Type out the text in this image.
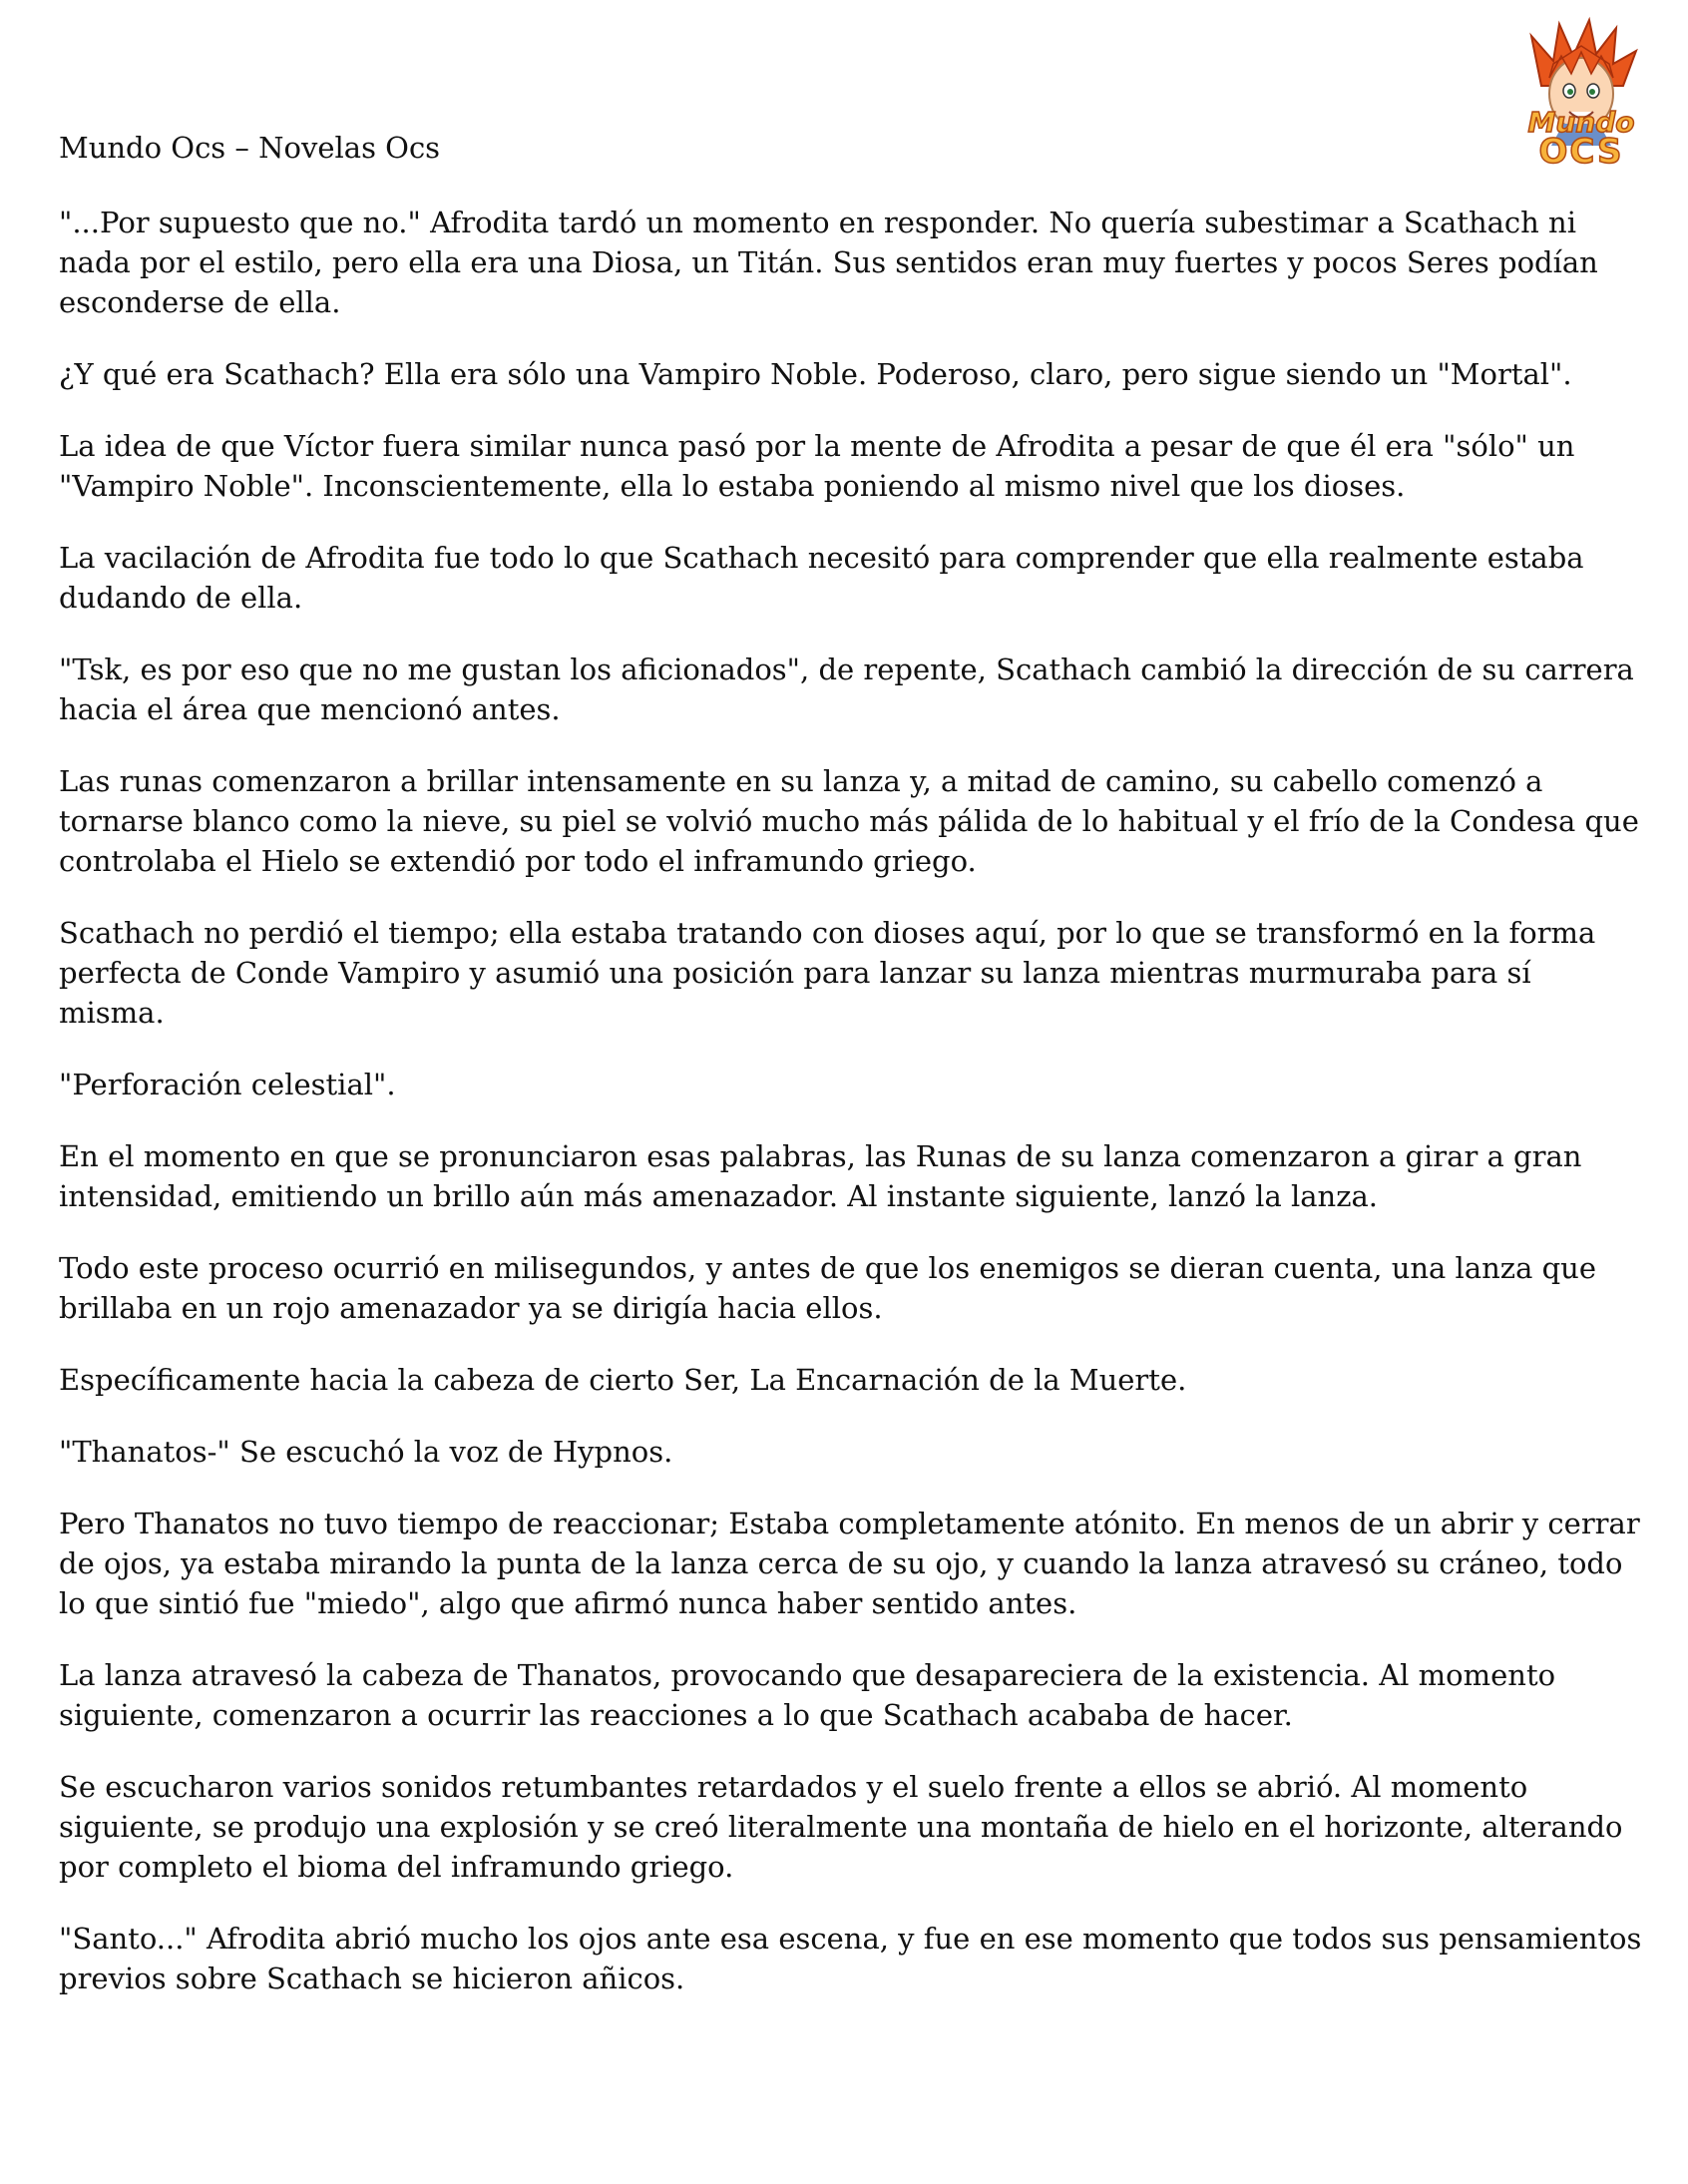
Mundo
OCS
Mundo Ocs – Novelas Ocs

"...Por supuesto que no." Afrodita tardó un momento en responder. No quería subestimar a Scathach ni nada por el estilo, pero ella era una Diosa, un Titán. Sus sentidos eran muy fuertes y pocos Seres podían esconderse de ella.

¿Y qué era Scathach? Ella era sólo una Vampiro Noble. Poderoso, claro, pero sigue siendo un "Mortal".

La idea de que Víctor fuera similar nunca pasó por la mente de Afrodita a pesar de que él era "sólo" un "Vampiro Noble". Inconscientemente, ella lo estaba poniendo al mismo nivel que los dioses.

La vacilación de Afrodita fue todo lo que Scathach necesitó para comprender que ella realmente estaba dudando de ella.

"Tsk, es por eso que no me gustan los aficionados", de repente, Scathach cambió la dirección de su carrera hacia el área que mencionó antes.

Las runas comenzaron a brillar intensamente en su lanza y, a mitad de camino, su cabello comenzó a tornarse blanco como la nieve, su piel se volvió mucho más pálida de lo habitual y el frío de la Condesa que controlaba el Hielo se extendió por todo el inframundo griego.

Scathach no perdió el tiempo; ella estaba tratando con dioses aquí, por lo que se transformó en la forma perfecta de Conde Vampiro y asumió una posición para lanzar su lanza mientras murmuraba para sí misma.

"Perforación celestial".

En el momento en que se pronunciaron esas palabras, las Runas de su lanza comenzaron a girar a gran intensidad, emitiendo un brillo aún más amenazador. Al instante siguiente, lanzó la lanza.

Todo este proceso ocurrió en milisegundos, y antes de que los enemigos se dieran cuenta, una lanza que brillaba en un rojo amenazador ya se dirigía hacia ellos.

Específicamente hacia la cabeza de cierto Ser, La Encarnación de la Muerte.

"Thanatos-" Se escuchó la voz de Hypnos.

Pero Thanatos no tuvo tiempo de reaccionar; Estaba completamente atónito. En menos de un abrir y cerrar de ojos, ya estaba mirando la punta de la lanza cerca de su ojo, y cuando la lanza atravesó su cráneo, todo lo que sintió fue "miedo", algo que afirmó nunca haber sentido antes.

La lanza atravesó la cabeza de Thanatos, provocando que desapareciera de la existencia. Al momento siguiente, comenzaron a ocurrir las reacciones a lo que Scathach acababa de hacer.

Se escucharon varios sonidos retumbantes retardados y el suelo frente a ellos se abrió. Al momento siguiente, se produjo una explosión y se creó literalmente una montaña de hielo en el horizonte, alterando por completo el bioma del inframundo griego.

"Santo..." Afrodita abrió mucho los ojos ante esa escena, y fue en ese momento que todos sus pensamientos previos sobre Scathach se hicieron añicos.
